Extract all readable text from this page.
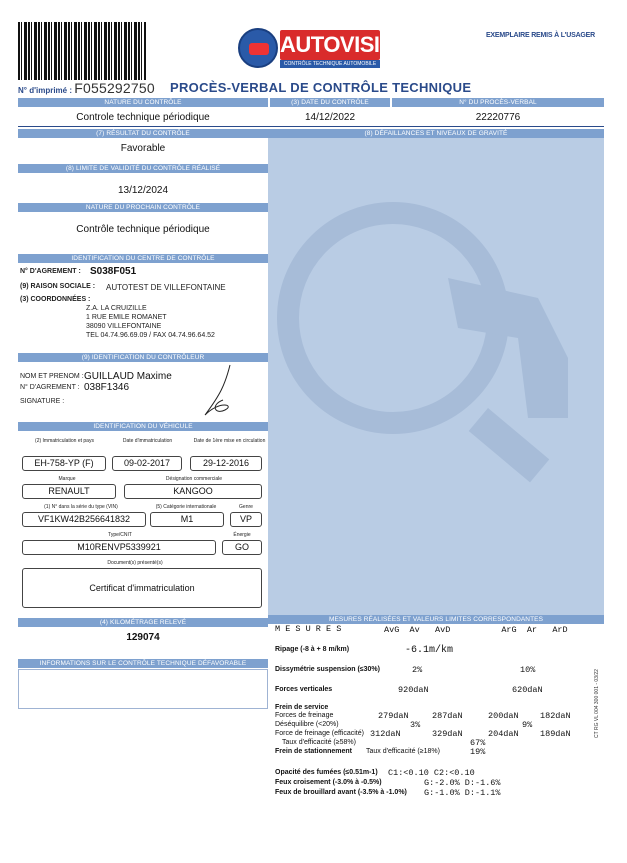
AUTOVISION
CONTRÔLE TECHNIQUE AUTOMOBILE
EXEMPLAIRE REMIS À L'USAGER
N° d'imprimé : F055292750 PROCÈS-VERBAL DE CONTRÔLE TECHNIQUE
NATURE DU CONTRÔLE	(3) DATE DU CONTRÔLE	N° DU PROCÈS-VERBAL
Controle technique périodique	14/12/2022	22220776
(7) RÉSULTAT DU CONTRÔLE
Favorable
(8) DÉFAILLANCES ET NIVEAUX DE GRAVITÉ
(8) LIMITE DE VALIDITÉ DU CONTRÔLE RÉALISÉ
13/12/2024
NATURE DU PROCHAIN CONTRÔLE
Contrôle technique périodique
IDENTIFICATION DU CENTRE DE CONTRÔLE
N° D'AGREMENT : S038F051
(9) RAISON SOCIALE : AUTOTEST DE VILLEFONTAINE
(3) COORDONNÉES :
Z.A. LA CRUIZILLE
1 RUE EMILE ROMANET
38090 VILLEFONTAINE
TEL 04.74.96.69.09 / FAX 04.74.96.64.52
(9) IDENTIFICATION DU CONTRÔLEUR
NOM ET PRENOM : GUILLAUD Maxime
N° D'AGREMENT : 038F1346
SIGNATURE :
IDENTIFICATION DU VÉHICULE
(2) Immatriculation et pays	Date d'immatriculation	Date de 1ère mise en circulation
EH-758-YP (F)	09-02-2017	29-12-2016
Marque	Désignation commerciale
RENAULT	KANGOO
(1) N° dans la série du type (VIN)	(5) Catégorie internationale	Genre
VF1KW42B256641832	M1	VP
Type/CNIT	Énergie
M10RENVP5339921	GO
Document(s) présenté(s)
Certificat d'immatriculation
(4) KILOMÉTRAGE RELEVÉ
129074
INFORMATIONS SUR LE CONTRÔLE TECHNIQUE DÉFAVORABLE
MESURES RÉALISÉES ET VALEURS LIMITES CORRESPONDANTES
M E S U R E S	AvG  Av   AvD          ArG  Ar   ArD
Ripage (-8 à + 8 m/km)	-6.1m/km
Dissymétrie suspension (≤30%)	2%	10%
Forces verticales	920daN	620daN
Frein de service
Forces de freinage	279daN	287daN	200daN	182daN
Déséquilibre (<20%)	3%	9%
Force de freinage (efficacité) 312daN	329daN	204daN	189daN
Taux d'efficacité (≥58%)	67%
Frein de stationnement Taux d'efficacité (≥18%)	19%
Opacité des fumées (≤0.51m-1) C1:<0.10 C2:<0.10
Feux croisement (-3.0% à -0.5%)	G:-2.0% D:-1.6%
Feux de brouillard avant (-3.5% à -1.0%) G:-1.0% D:-1.1%
CT RG VL 004 300 001 - 03/22
